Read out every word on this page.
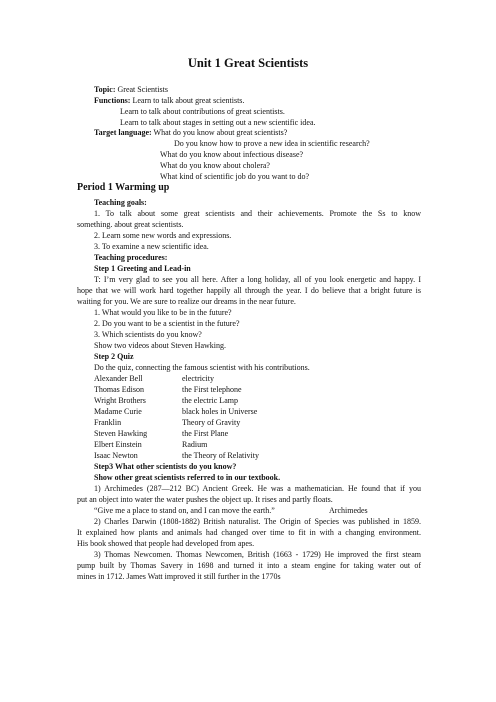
Unit 1 Great Scientists
Topic: Great Scientists
Functions: Learn to talk about great scientists.
Learn to talk about contributions of great scientists.
Learn to talk about stages in setting out a new scientific idea.
Target language: What do you know about great scientists?
Do you know how to prove a new idea in scientific research?
What do you know about infectious disease?
What do you know about cholera?
What kind of scientific job do you want to do?
Period 1 Warming up
Teaching goals:
1. To talk about some great scientists and their achievements. Promote the Ss to know
something. about great scientists.
2. Learn some new words and expressions.
3. To examine a new scientific idea.
Teaching procedures:
Step 1 Greeting and Lead-in
T: I’m very glad to see you all here. After a long holiday, all of you look energetic and happy. I
hope that we will work hard together happily all through the year. I do believe that a bright future is
waiting for you. We are sure to realize our dreams in the near future.
1. What would you like to be in the future?
2. Do you want to be a scientist in the future?
3. Which scientists do you know?
Show two videos about Steven Hawking.
Step 2 Quiz
Do the quiz, connecting the famous scientist with his contributions.
Alexander Bell	electricity
Thomas Edison	the First telephone
Wright Brothers	the electric Lamp
Madame Curie	black holes in Universe
Franklin	Theory of Gravity
Steven Hawking	the First Plane
Elbert Einstein	Radium
Isaac Newton	the Theory of Relativity
Step3 What other scientists do you know?
Show other great scientists referred to in our textbook.
1) Archimedes (287—212 BC) Ancient Greek. He was a mathematician. He found that if you
put an object into water the water pushes the object up. It rises and partly floats.
“Give me a place to stand on, and I can move the earth.”	Archimedes
2) Charles Darwin (1808-1882) British naturalist. The Origin of Species was published in 1859.
It explained how plants and animals had changed over time to fit in with a changing environment.
His book showed that people had developed from apes.
3) Thomas Newcomen. Thomas Newcomen, British (1663 - 1729) He improved the first steam
pump built by Thomas Savery in 1698 and turned it into a steam engine for taking water out of
mines in 1712. James Watt improved it still further in the 1770s
